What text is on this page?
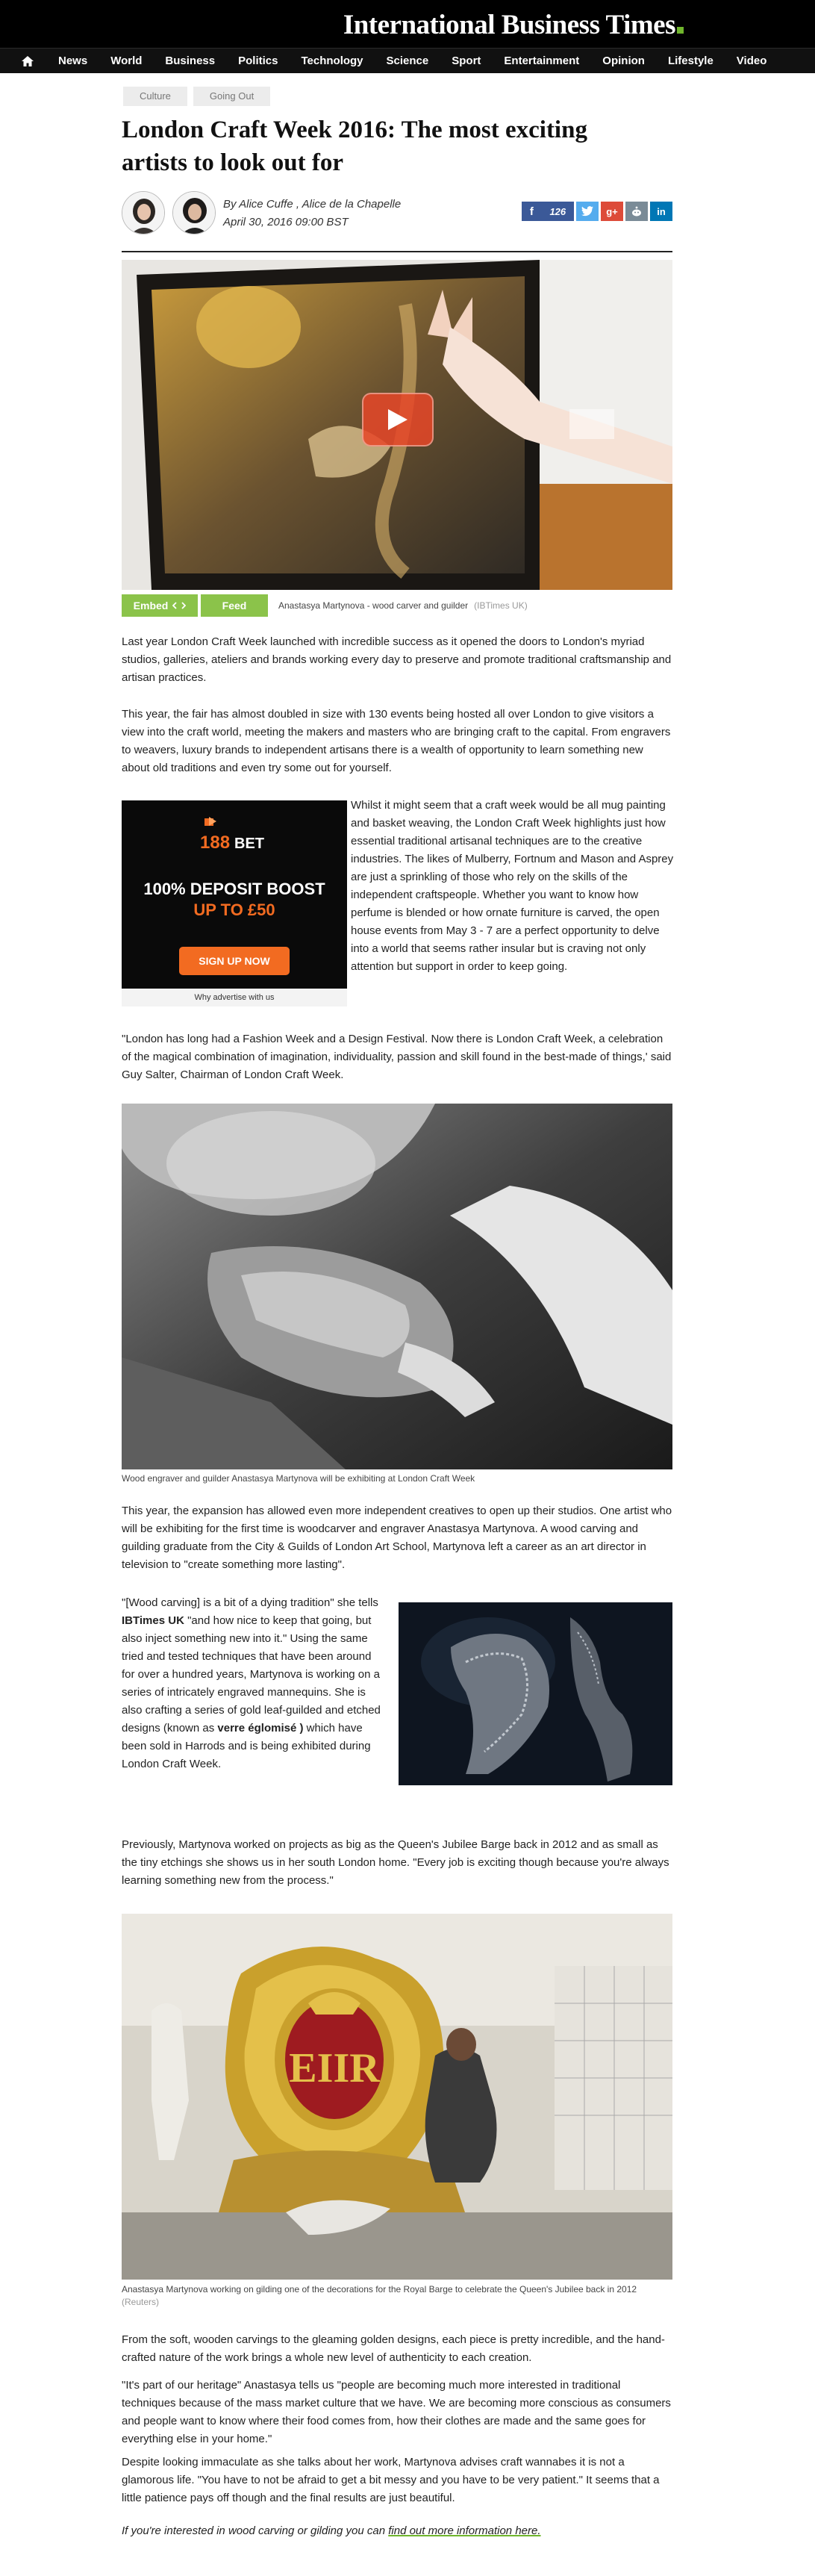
International Business Times
News World Business Politics Technology Science Sport Entertainment Opinion Lifestyle Video
Culture	Going Out
London Craft Week 2016: The most exciting artists to look out for
By Alice Cuffe , Alice de la Chapelle
April 30, 2016 09:00 BST
f 126	g+	in
Embed	Feed	Anastasya Martynova - wood carver and guilder (IBTimes UK)

Last year London Craft Week launched with incredible success as it opened the doors to London's myriad studios, galleries, ateliers and brands working every day to preserve and promote traditional craftsmanship and artisan practices.

This year, the fair has almost doubled in size with 130 events being hosted all over London to give visitors a view into the craft world, meeting the makers and masters who are bringing craft to the capital. From engravers to weavers, luxury brands to independent artisans there is a wealth of opportunity to learn something new about old traditions and even try some out for yourself.

188 BET
100% DEPOSIT BOOST
UP TO £50
SIGN UP NOW
Why advertise with us

Whilst it might seem that a craft week would be all mug painting and basket weaving, the London Craft Week highlights just how essential traditional artisanal techniques are to the creative industries. The likes of Mulberry, Fortnum and Mason and Asprey are just a sprinkling of those who rely on the skills of the independent craftspeople. Whether you want to know how perfume is blended or how ornate furniture is carved, the open house events from May 3 - 7 are a perfect opportunity to delve into a world that seems rather insular but is craving not only attention but support in order to keep going.

"London has long had a Fashion Week and a Design Festival. Now there is London Craft Week, a celebration of the magical combination of imagination, individuality, passion and skill found in the best-made of things,' said Guy Salter, Chairman of London Craft Week.

Wood engraver and guilder Anastasya Martynova will be exhibiting at London Craft Week

This year, the expansion has allowed even more independent creatives to open up their studios. One artist who will be exhibiting for the first time is woodcarver and engraver Anastasya Martynova. A wood carving and guilding graduate from the City & Guilds of London Art School, Martynova left a career as an art director in television to "create something more lasting".

"[Wood carving] is a bit of a dying tradition" she tells IBTimes UK "and how nice to keep that going, but also inject something new into it." Using the same tried and tested techniques that have been around for over a hundred years, Martynova is working on a series of intricately engraved mannequins. She is also crafting a series of gold leaf-guilded and etched designs (known as verre églomisé ) which have been sold in Harrods and is being exhibited during London Craft Week.

Previously, Martynova worked on projects as big as the Queen's Jubilee Barge back in 2012 and as small as the tiny etchings she shows us in her south London home. "Every job is exciting though because you're always learning something new from the process."

EIIR
Anastasya Martynova working on gilding one of the decorations for the Royal Barge to celebrate the Queen's Jubilee back in 2012 (Reuters)

From the soft, wooden carvings to the gleaming golden designs, each piece is pretty incredible, and the hand-crafted nature of the work brings a whole new level of authenticity to each creation.

"It's part of our heritage" Anastasya tells us "people are becoming much more interested in traditional techniques because of the mass market culture that we have. We are becoming more conscious as consumers and people want to know where their food comes from, how their clothes are made and the same goes for everything else in your home."

Despite looking immaculate as she talks about her work, Martynova advises craft wannabes it is not a glamorous life. "You have to not be afraid to get a bit messy and you have to be very patient." It seems that a little patience pays off though and the final results are just beautiful.

If you're interested in wood carving or gilding you can find out more information here.
